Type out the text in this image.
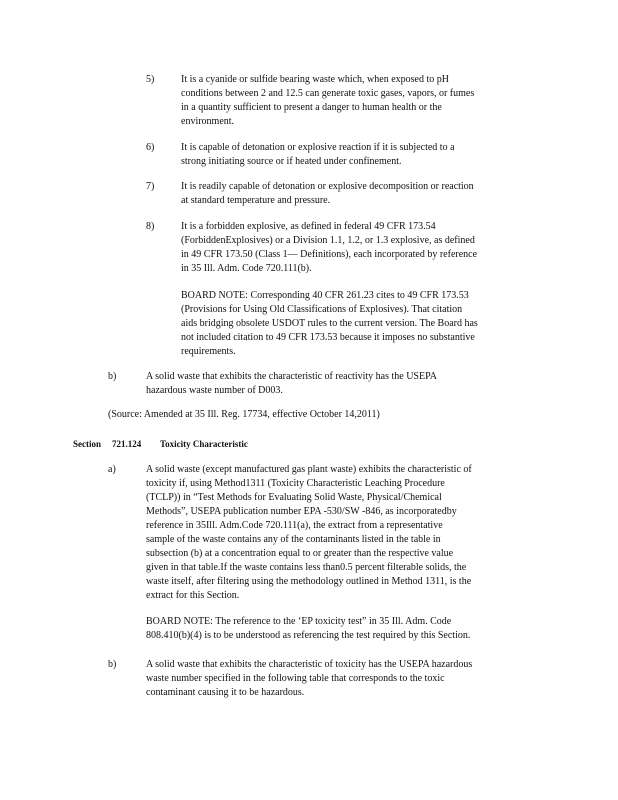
5)	It is a cyanide or sulfide bearing waste which, when exposed to pH

conditions between 2 and 12.5 can generate toxic gases, vapors, or fumes

in a quantity sufficient to present a danger to human health or the

environment.

6)	It is capable of detonation or explosive reaction if it is subjected to a

strong initiating source or if heated under confinement.

7)	It is readily capable of detonation or explosive decomposition or reaction

at standard temperature and pressure.

8)	It is a forbidden explosive, as defined in federal 49 CFR 173.54

(ForbiddenExplosives) or a Division 1.1, 1.2, or 1.3 explosive, as defined

in 49 CFR 173.50 (Class 1— Definitions), each incorporated by reference

in 35 Ill. Adm. Code 720.111(b).

BOARD NOTE: Corresponding 40 CFR 261.23 cites to 49 CFR 173.53

(Provisions for Using Old Classifications of Explosives). That citation

aids bridging obsolete USDOT rules to the current version. The Board has

not included citation to 49 CFR 173.53 because it imposes no substantive

requirements.

b)	A solid waste that exhibits the characteristic of reactivity has the USEPA

hazardous waste number of D003.

(Source: Amended at 35 Ill. Reg. 17734, effective October 14,2011)
Section 721.124 Toxicity Characteristic
a)	A solid waste (except manufactured gas plant waste) exhibits the characteristic of

toxicity if, using Method1311 (Toxicity Characteristic Leaching Procedure

(TCLP)) in “Test Methods for Evaluating Solid Waste, Physical/Chemical

Methods”, USEPA publication number EPA -530/SW -846, as incorporatedby

reference in 35Ill. Adm.Code 720.111(a), the extract from a representative

sample of the waste contains any of the contaminants listed in the table in

subsection (b) at a concentration equal to or greater than the respective value

given in that table.If the waste contains less than0.5 percent filterable solids, the

waste itself, after filtering using the methodology outlined in Method 1311, is the

extract for this Section.

BOARD NOTE: The reference to the ‘EP toxicity test” in 35 Ill. Adm. Code

808.410(b)(4) is to be understood as referencing the test required by this Section.

b)	A solid waste that exhibits the characteristic of toxicity has the USEPA hazardous

waste number specified in the following table that corresponds to the toxic

contaminant causing it to be hazardous.
